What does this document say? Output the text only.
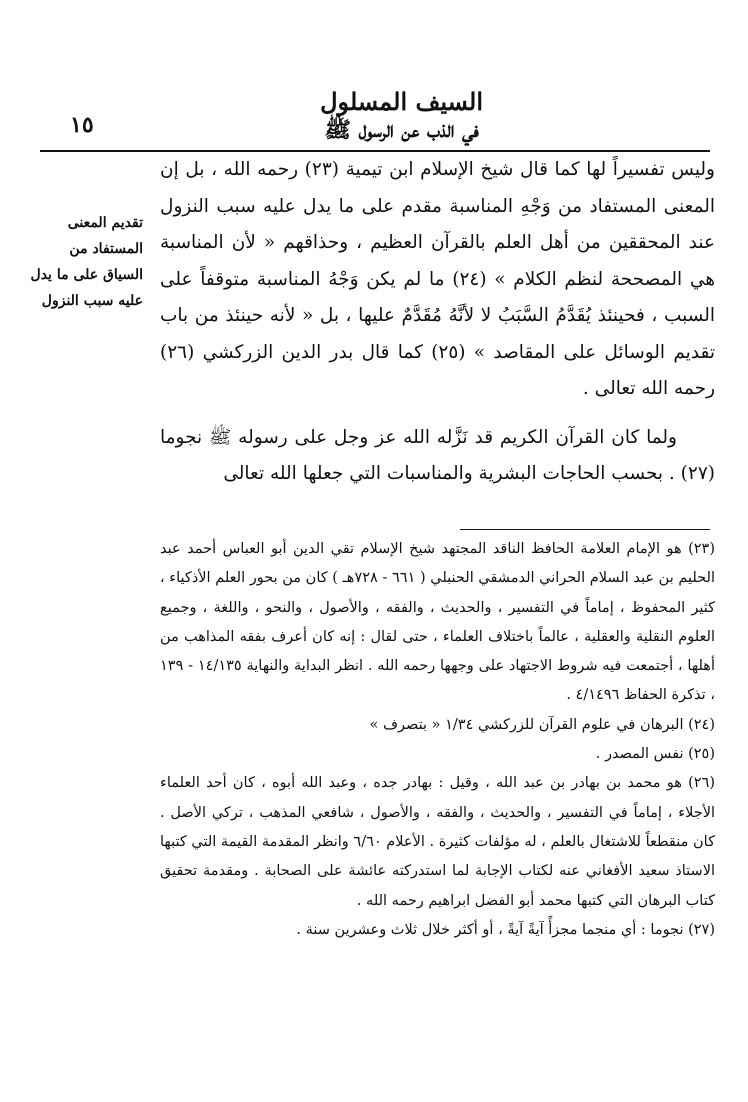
١٥
السيف المسلول
في الذب عن الرسول ﷺ
تقديم المعنى المستفاد من السياق على ما يدل عليه سبب النزول

وليس تفسيراً لها كما قال شيخ الإسلام ابن تيمية (٢٣) رحمه الله ، بل إن المعنى المستفاد من وَجْهِ المناسبة مقدم على ما يدل عليه سبب النزول عند المحققين من أهل العلم بالقرآن العظيم ، وحذاقهم « لأن المناسبة هي المصححة لنظم الكلام » (٢٤) ما لم يكن وَجْهُ المناسبة متوقفاً على السبب ، فحينئذ يُقَدَّمُ السَّبَبُ لا لأنَّهُ مُقَدَّمٌ عليها ، بل « لأنه حينئذ من باب تقديم الوسائل على المقاصد » (٢٥) كما قال بدر الدين الزركشي (٢٦) رحمه الله تعالى .

ولما كان القرآن الكريم قد نَزَّله الله عز وجل على رسوله ﷺ نجوما (٢٧) . بحسب الحاجات البشرية والمناسبات التي جعلها الله تعالى

(٢٣) هو الإمام العلامة الحافظ الناقد المجتهد شيخ الإسلام تقي الدين أبو العباس أحمد عبد الحليم بن عبد السلام الحراني الدمشقي الحنبلي ( ٦٦١ - ٧٢٨هـ ) كان من بحور العلم الأذكياء ، كثير المحفوظ ، إماماً في التفسير ، والحديث ، والفقه ، والأصول ، والنحو ، واللغة ، وجميع العلوم النقلية والعقلية ، عالماً باختلاف العلماء ، حتى لقال : إنه كان أعرف بفقه المذاهب من أهلها ، أجتمعت فيه شروط الاجتهاد على وجهها رحمه الله . انظر البداية والنهاية ١٤/١٣٥ - ١٣٩ ، تذكرة الحفاظ ٤/١٤٩٦ .

(٢٤) البرهان في علوم القرآن للزركشي ١/٣٤ « بتصرف »

(٢٥) نفس المصدر .

(٢٦) هو محمد بن بهادر بن عبد الله ، وقيل : بهادر جده ، وعبد الله أبوه ، كان أحد العلماء الأجلاء ، إماماً في التفسير ، والحديث ، والفقه ، والأصول ، شافعي المذهب ، تركي الأصل . كان منقطعاً للاشتغال بالعلم ، له مؤلفات كثيرة . الأعلام ٦/٦٠ وانظر المقدمة القيمة التي كتبها الاستاذ سعيد الأفغاني عنه لكتاب الإجابة لما استدركته عائشة على الصحابة . ومقدمة تحقيق كتاب البرهان التي كتبها محمد أبو الفضل ابراهيم رحمه الله .

(٢٧) نجوما : أي منجما مجزأً آيةً آيةً ، أو أكثر خلال ثلاث وعشرين سنة .
